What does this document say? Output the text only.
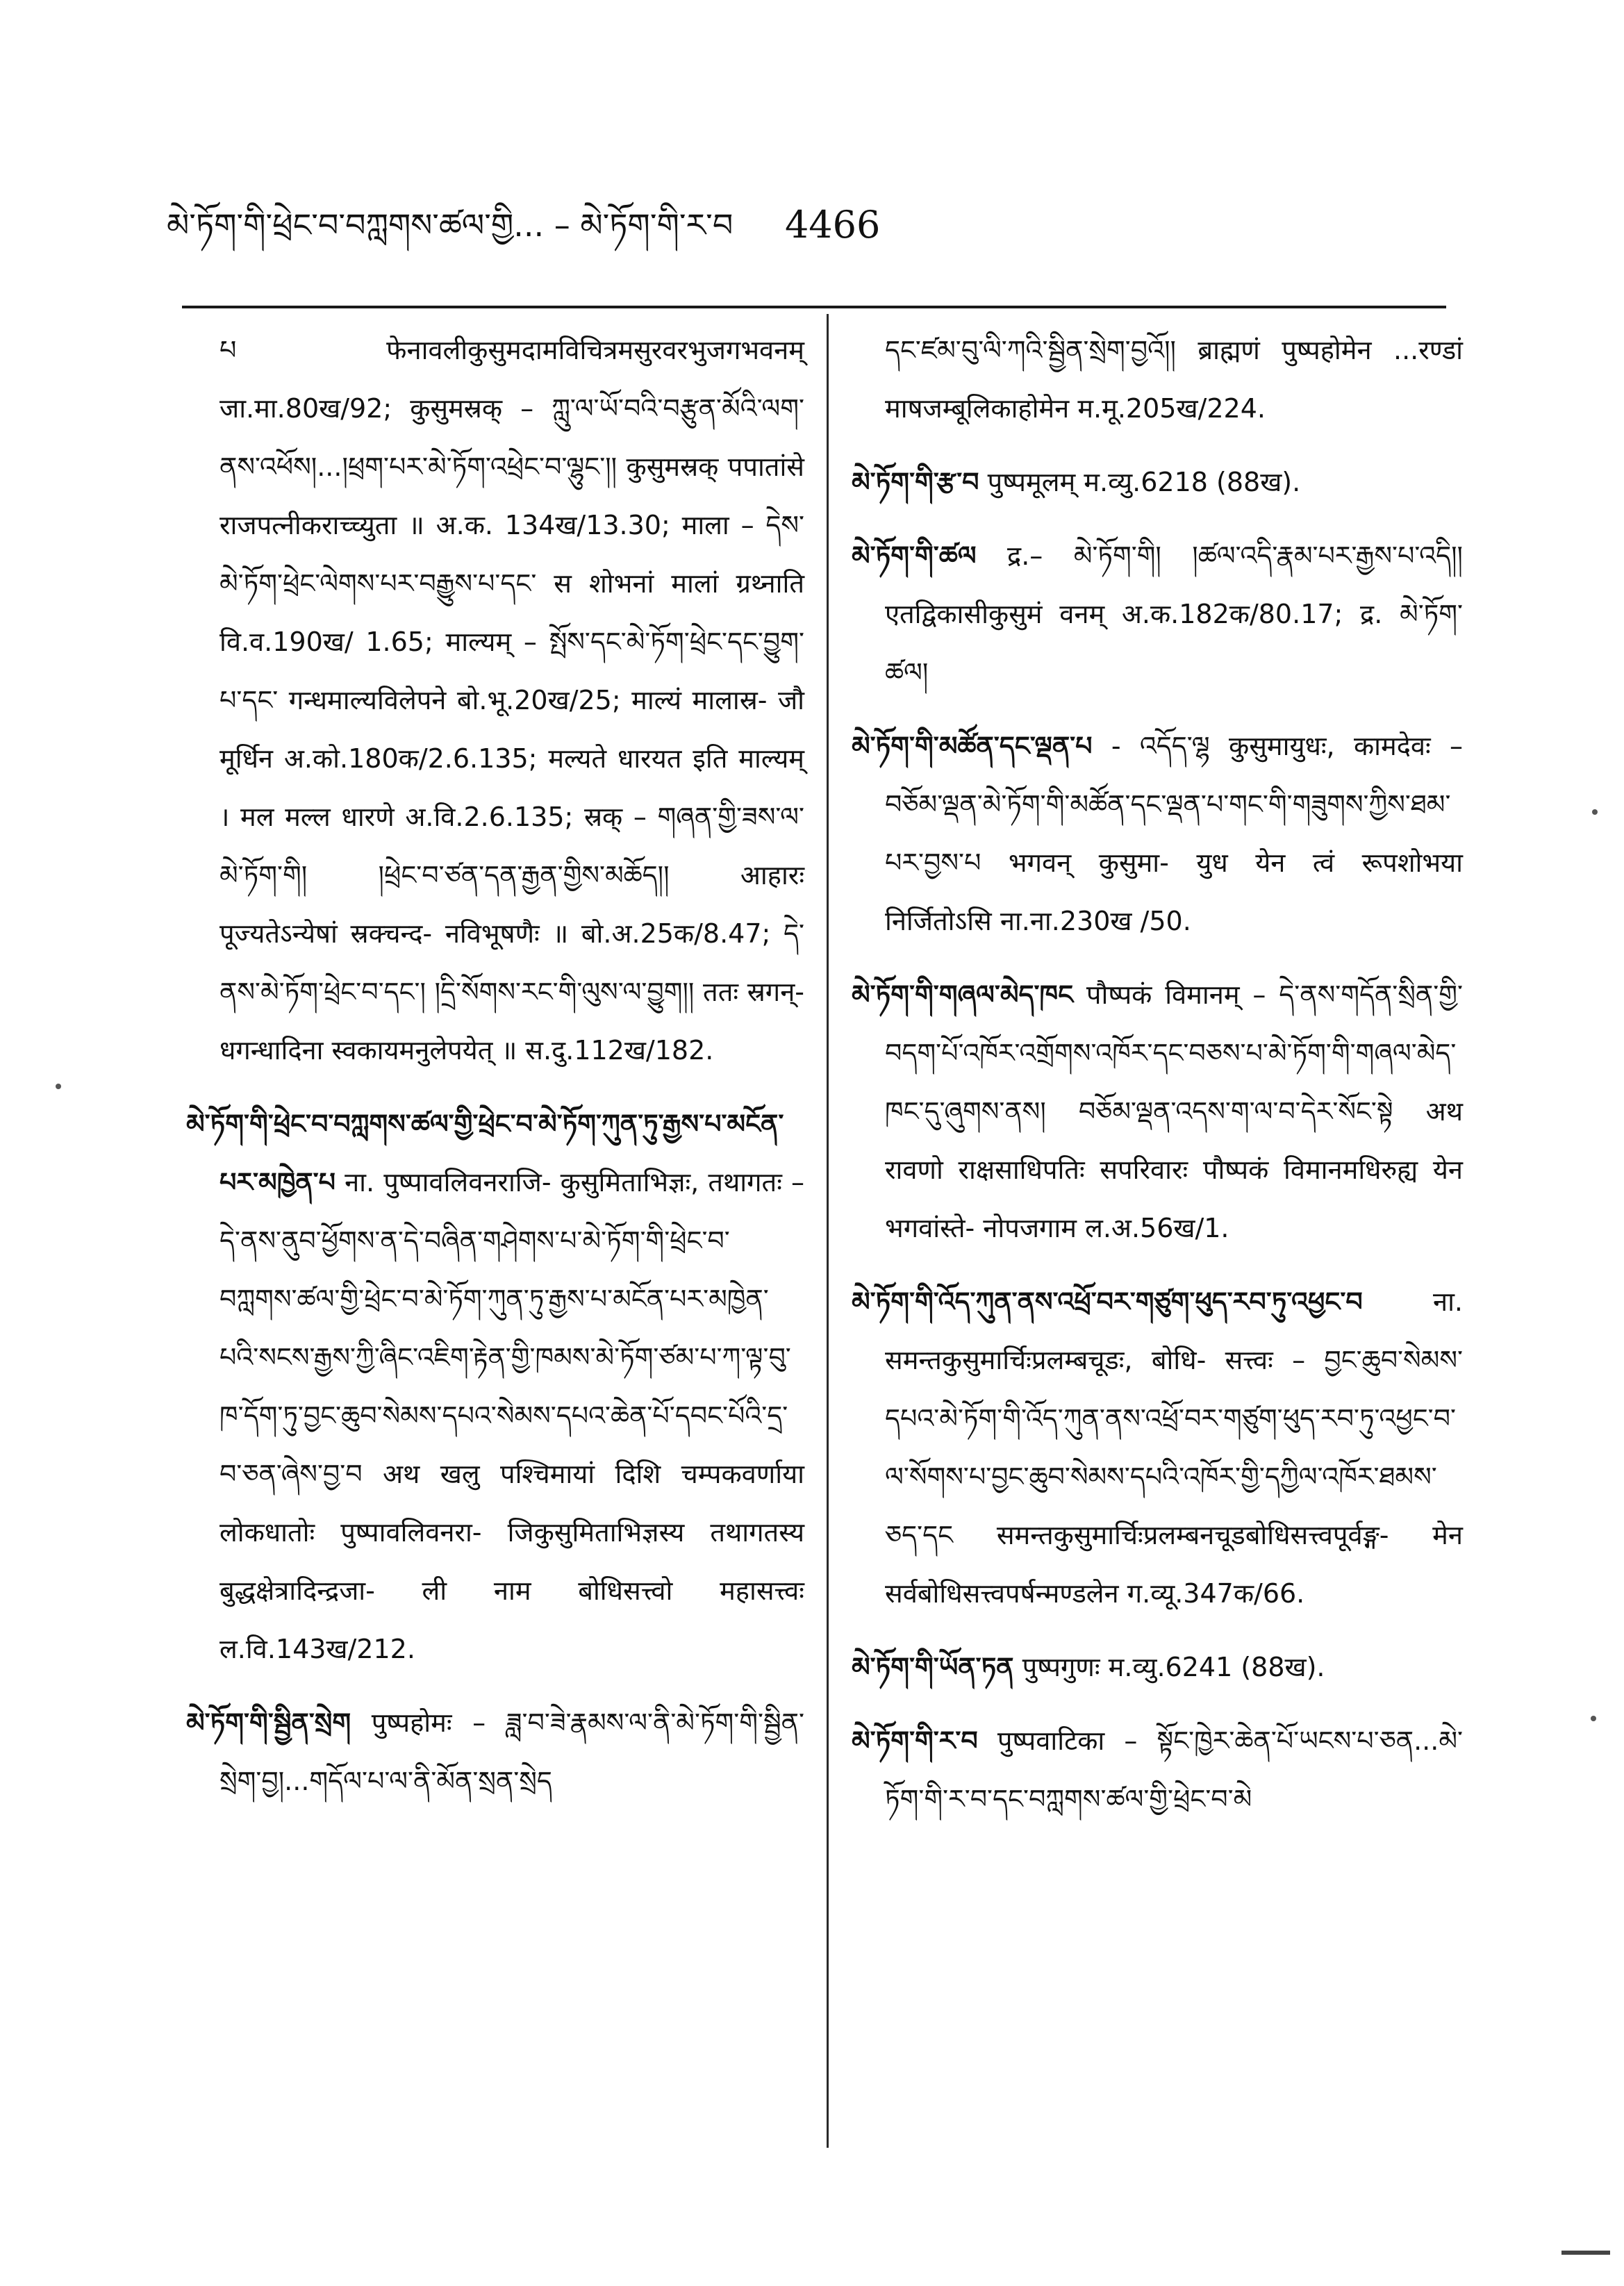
མེ་ཏོག་གི་ཕྲེང་བ་བཀླགས་ཚལ་གྱི... – མེ་ཏོག་གི་ར་བ 4466

པ फेनावलीकुसुमदामविचित्रमसुरवरभुजगभवनम् जा.मा.80ख/92; कुसुमस्रक् – ཀླུ་ལ་ཡོ་བའི་བརྩུན་མོའི་ལག་ནས་འཕོས།...།ཕྲག་པར་མེ་ཏོག་འཕྲེང་བ་ལྷུང་།། कुसुमस्रक् पपातांसे राजपत्नीकराच्च्युता ॥ अ.क. 134ख/13.30; माला – དེས་མེ་ཏོག་ཕྲེང་ལེགས་པར་བརྒྱུས་པ་དང་ स शोभनां मालां ग्रथ्नाति वि.व.190ख/ 1.65; माल्यम् – སྤོས་དང་མེ་ཏོག་ཕྲེང་དང་བྱུག་པ་དང་ गन्धमाल्यविलेपने बो.भू.20ख/25; माल्यं मालास्र- जौ मूर्धिन अ.को.180क/2.6.135; मल्यते धारयत इति माल्यम् । मल मल्ल धारणे अ.वि.2.6.135; स्रक् – གཞན་གྱི་ཟས་ལ་མེ་ཏོག་གི། །ཕྲེང་བ་ཙན་དན་རྒྱན་གྱིས་མཆོད།། आहारः पूज्यतेऽन्येषां स्रक्चन्द- नविभूषणैः ॥ बो.अ.25क/8.47; དེ་ནས་མེ་ཏོག་ཕྲེང་བ་དང་། །དྲི་སོགས་རང་གི་ལུས་ལ་བྱུག།། ततः स्रगन्- धगन्धादिना स्वकायमनुलेपयेत् ॥ स.दु.112ख/182.

མེ་ཏོག་གི་ཕྲེང་བ་བཀླགས་ཚལ་གྱི་ཕྲེང་བ་མེ་ཏོག་ཀུན་ཏུ་རྒྱས་པ་མངོན་པར་མཁྱེན་པ ना. पुष्पावलिवनराजि- कुसुमिताभिज्ञः, तथागतः – དེ་ནས་ནུབ་ཕྱོགས་ན་དེ་བཞིན་གཤེགས་པ་མེ་ཏོག་གི་ཕྲེང་བ་བཀླགས་ཚལ་གྱི་ཕྲེང་བ་མེ་ཏོག་ཀུན་ཏུ་རྒྱས་པ་མངོན་པར་མཁྱེན་པའི་སངས་རྒྱས་ཀྱི་ཞིང་འཇིག་རྟེན་གྱི་ཁམས་མེ་ཏོག་ཙམ་པ་ཀ་ལྟ་བུ་ཁ་དོག་ཏུ་བྱང་ཆུབ་སེམས་དཔའ་སེམས་དཔའ་ཆེན་པོ་དབང་པོའི་དྲ་བ་ཅན་ཞེས་བྱ་བ अथ खलु पश्चिमायां दिशि चम्पकवर्णाया लोकधातोः पुष्पावलिवनरा- जिकुसुमिताभिज्ञस्य तथागतस्य बुद्धक्षेत्रादिन्द्रजा- ली नाम बोधिसत्त्वो महासत्त्वः ल.वि.143ख/212.
མེ་ཏོག་གི་སྦྱིན་སྲེག पुष्पहोमः – ཟླ་བ་ཟེ་རྣམས་ལ་ནི་མེ་ཏོག་གི་སྦྱིན་སྲེག་བྱ།...གདོལ་པ་ལ་ནི་མོན་སྲན་སྲེད

དང་ཛམ་བུ་ལི་ཀའི་སྦྱིན་སྲེག་བྱའོ།། ब्राह्मणं पुष्पहोमेन ...रण्डां माषजम्बूलिकाहोमेन म.मू.205ख/224.

མེ་ཏོག་གི་རྩ་བ पुष्पमूलम् म.व्यु.6218 (88ख).
མེ་ཏོག་གི་ཚལ द्र.– མེ་ཏོག་གི། །ཚལ་འདི་རྣམ་པར་རྒྱས་པ་འདི།། एतद्विकासीकुसुमं वनम् अ.क.182क/80.17; द्र. མེ་ཏོག་ཚལ།
མེ་ཏོག་གི་མཚོན་དང་ལྡན་པ - འདོད་ལྷ कुसुमायुधः, कामदेवः – བཅོམ་ལྡན་མེ་ཏོག་གི་མཚོན་དང་ལྡན་པ་གང་གི་གཟུགས་ཀྱིས་ཐམ་པར་བྱས་པ भगवन् कुसुमा- युध येन त्वं रूपशोभया निर्जितोऽसि ना.ना.230ख /50.
མེ་ཏོག་གི་གཞལ་མེད་ཁང पौष्पकं विमानम् – དེ་ནས་གདོན་སྲིན་གྱི་བདག་པོ་འཁོར་འགྲོགས་འཁོར་དང་བཅས་པ་མེ་ཏོག་གི་གཞལ་མེད་ཁང་དུ་ཞུགས་ནས། བཅོམ་ལྡན་འདས་ག་ལ་བ་དེར་སོང་སྟེ अथ रावणो राक्षसाधिपतिः सपरिवारः पौष्पकं विमानमधिरुह्य येन भगवांस्ते- नोपजगाम ल.अ.56ख/1.
མེ་ཏོག་གི་འོད་ཀུན་ནས་འཕྲོ་བར་གཙུག་ཕུད་རབ་ཏུ་འཕྱང་བ	ना. समन्तकुसुमार्चिःप्रलम्बचूडः, बोधि- सत्त्वः – བྱང་ཆུབ་སེམས་དཔའ་མེ་ཏོག་གི་འོད་ཀུན་ནས་འཕྲོ་བར་གཙུག་ཕུད་རབ་ཏུ་འཕྱང་བ་ལ་སོགས་པ་བྱང་ཆུབ་སེམས་དཔའི་འཁོར་གྱི་དཀྱིལ་འཁོར་ཐམས་ཅད་དང समन्तकुसुमार्चिःप्रलम्बनचूडबोधिसत्त्वपूर्वङ्ग- मेन सर्वबोधिसत्त्वपर्षन्मण्डलेन ग.व्यू.347क/66.
མེ་ཏོག་གི་ཡོན་ཏན पुष्पगुणः म.व्यु.6241 (88ख).
མེ་ཏོག་གི་ར་བ पुष्पवाटिका – སྟོང་ཁྱེར་ཆེན་པོ་ཡངས་པ་ཅན...མེ་ཏོག་གི་ར་བ་དང་བཀླགས་ཚལ་གྱི་ཕྲེང་བ་མེ
